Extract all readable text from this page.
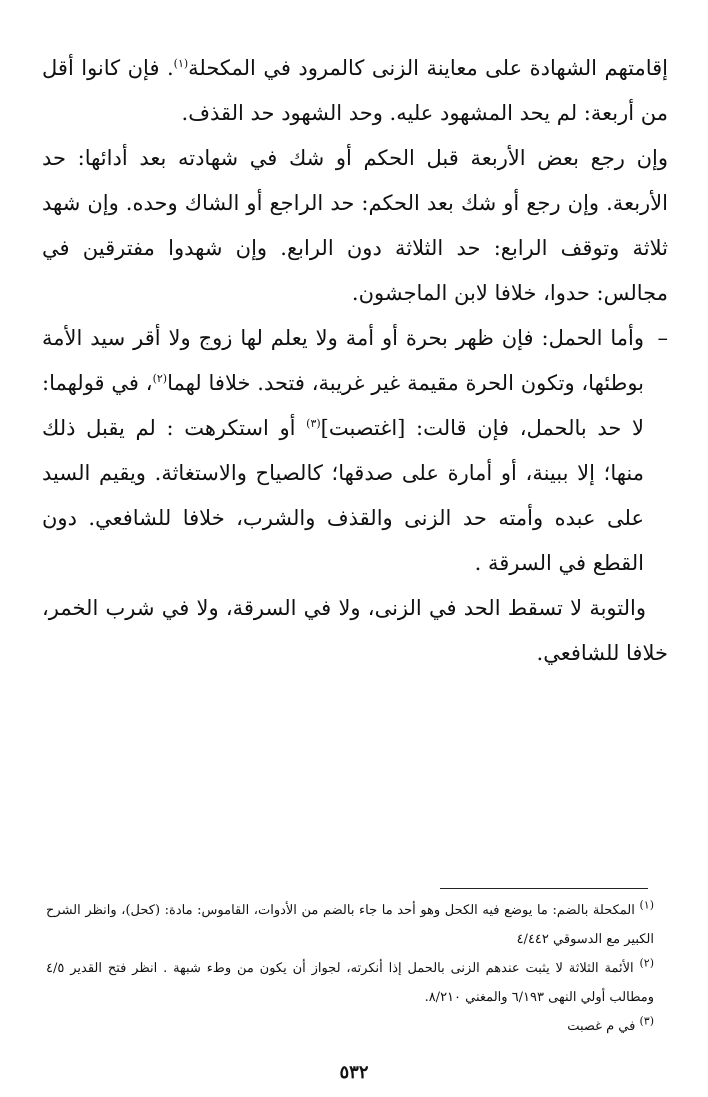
إقامتهم الشهادة على معاينة الزنى كالمرود في المكحلة$^{(١)}$. فإن كانوا أقل من أربعة: لم يحد المشهود عليه. وحد الشهود حد القذف.

وإن رجع بعض الأربعة قبل الحكم أو شك في شهادته بعد أدائها: حد الأربعة. وإن رجع أو شك بعد الحكم: حد الراجع أو الشاك وحده. وإن شهد ثلاثة وتوقف الرابع: حد الثلاثة دون الرابع. وإن شهدوا مفترقين في مجالس: حدوا، خلافا لابن الماجشون.

–
وأما الحمل: فإن ظهر بحرة أو أمة ولا يعلم لها زوج ولا أقر سيد الأمة بوطئها، وتكون الحرة مقيمة غير غريبة، فتحد. خلافا لهما$^{(٢)}$، في قولهما: لا حد بالحمل، فإن قالت: [اغتصبت]$^{(٣)}$ أو استكرهت : لم يقبل ذلك منها؛ إلا ببينة، أو أمارة على صدقها؛ كالصياح والاستغاثة. ويقيم السيد على عبده وأمته حد الزنى والقذف والشرب، خلافا للشافعي. دون القطع في السرقة .

والتوبة لا تسقط الحد في الزنى، ولا في السرقة، ولا في شرب الخمر، خلافا للشافعي.

$^{(١)}$ المكحلة بالضم: ما يوضع فيه الكحل وهو أحد ما جاء بالضم من الأدوات، القاموس: مادة: (كحل)، وانظر الشرح الكبير مع الدسوقي ٤/٤٤٢

$^{(٢)}$ الأئمة الثلاثة لا يثبت عندهم الزنى بالحمل إذا أنكرته، لجواز أن يكون من وطء شبهة . انظر فتح القدير ٤/٥ ومطالب أولي النهى ٦/١٩٣ والمغني ٨/٢١٠.

$^{(٣)}$ في م غصبت

٥٣٢
